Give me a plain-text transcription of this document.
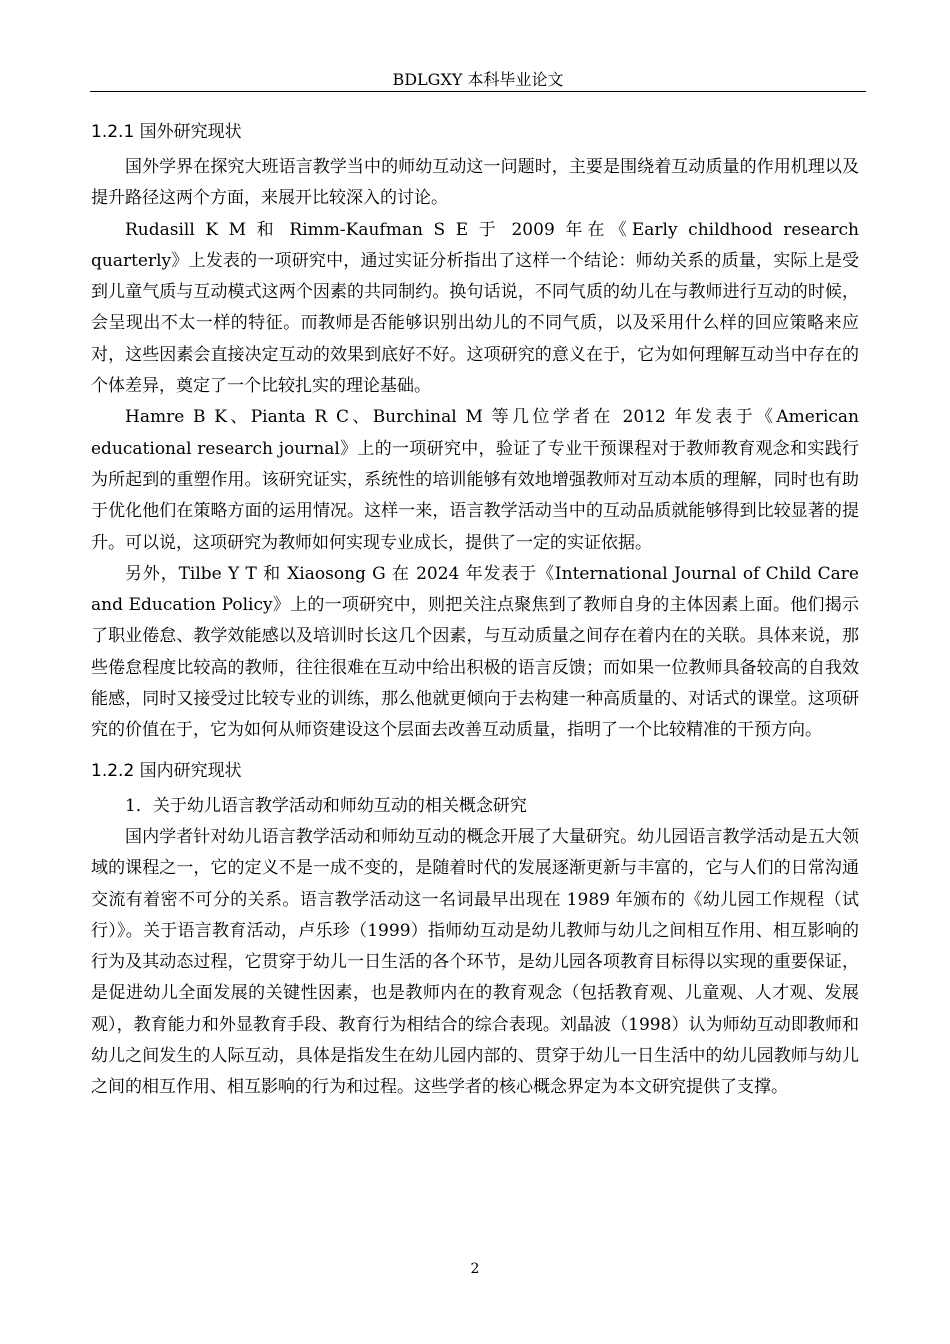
BDLGXY 本科毕业论文
1.2.1 国外研究现状

国外学界在探究大班语言教学当中的师幼互动这一问题时，主要是围绕着互动质量的作用机理以及提升路径这两个方面，来展开比较深入的讨论。

Rudasill K M 和 Rimm-Kaufman S E 于 2009 年在《Early childhood research quarterly》上发表的一项研究中，通过实证分析指出了这样一个结论：师幼关系的质量，实际上是受到儿童气质与互动模式这两个因素的共同制约。换句话说，不同气质的幼儿在与教师进行互动的时候，会呈现出不太一样的特征。而教师是否能够识别出幼儿的不同气质，以及采用什么样的回应策略来应对，这些因素会直接决定互动的效果到底好不好。这项研究的意义在于，它为如何理解互动当中存在的个体差异，奠定了一个比较扎实的理论基础。

Hamre B K、Pianta R C、Burchinal M 等几位学者在 2012 年发表于《American educational research journal》上的一项研究中，验证了专业干预课程对于教师教育观念和实践行为所起到的重塑作用。该研究证实，系统性的培训能够有效地增强教师对互动本质的理解，同时也有助于优化他们在策略方面的运用情况。这样一来，语言教学活动当中的互动品质就能够得到比较显著的提升。可以说，这项研究为教师如何实现专业成长，提供了一定的实证依据。

另外，Tilbe Y T 和 Xiaosong G 在 2024 年发表于《International Journal of Child Care and Education Policy》上的一项研究中，则把关注点聚焦到了教师自身的主体因素上面。他们揭示了职业倦怠、教学效能感以及培训时长这几个因素，与互动质量之间存在着内在的关联。具体来说，那些倦怠程度比较高的教师，往往很难在互动中给出积极的语言反馈；而如果一位教师具备较高的自我效能感，同时又接受过比较专业的训练，那么他就更倾向于去构建一种高质量的、对话式的课堂。这项研究的价值在于，它为如何从师资建设这个层面去改善互动质量，指明了一个比较精准的干预方向。

1.2.2 国内研究现状

1．关于幼儿语言教学活动和师幼互动的相关概念研究

国内学者针对幼儿语言教学活动和师幼互动的概念开展了大量研究。幼儿园语言教学活动是五大领域的课程之一，它的定义不是一成不变的，是随着时代的发展逐渐更新与丰富的，它与人们的日常沟通交流有着密不可分的关系。语言教学活动这一名词最早出现在 1989 年颁布的《幼儿园工作规程（试行）》。关于语言教育活动，卢乐珍（1999）指师幼互动是幼儿教师与幼儿之间相互作用、相互影响的行为及其动态过程，它贯穿于幼儿一日生活的各个环节，是幼儿园各项教育目标得以实现的重要保证，是促进幼儿全面发展的关键性因素，也是教师内在的教育观念（包括教育观、儿童观、人才观、发展观），教育能力和外显教育手段、教育行为相结合的综合表现。刘晶波（1998）认为师幼互动即教师和幼儿之间发生的人际互动，具体是指发生在幼儿园内部的、贯穿于幼儿一日生活中的幼儿园教师与幼儿之间的相互作用、相互影响的行为和过程。这些学者的核心概念界定为本文研究提供了支撑。

2
